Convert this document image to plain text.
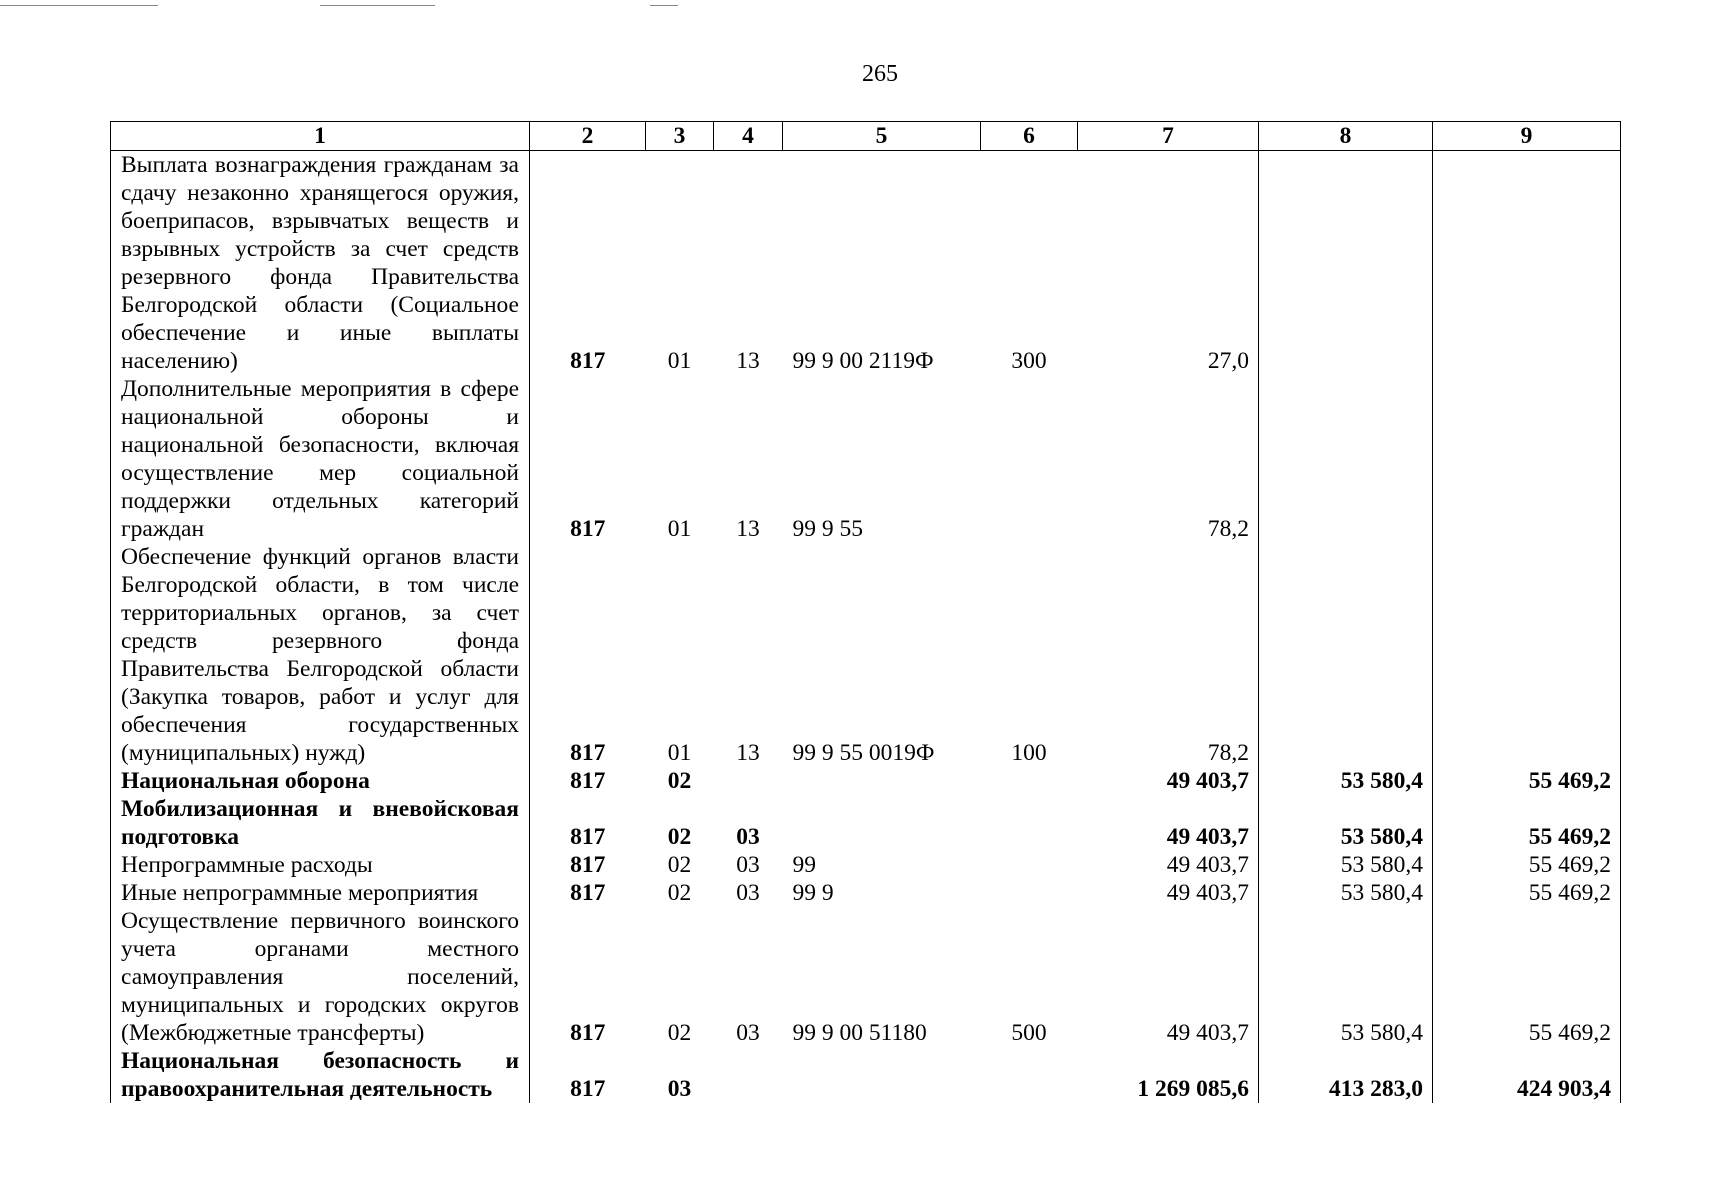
265
1	2	3	4	5	6	7	8	9
Выплата вознаграждения гражданам за сдачу незаконно хранящегося оружия, боеприпасов, взрывчатых веществ и взрывных устройств за счет средств резервного фонда Правительства Белгородской области (Социальное обеспечение и иные выплаты населению)	817	01	13	99 9 00 2119Ф	300	27,0		
Дополнительные мероприятия в сфере национальной обороны и национальной безопасности, включая осуществление мер социальной поддержки отдельных категорий граждан	817	01	13	99 9 55		78,2		
Обеспечение функций органов власти Белгородской области, в том числе территориальных органов, за счет средств резервного фонда Правительства Белгородской области (Закупка товаров, работ и услуг для обеспечения государственных (муниципальных) нужд)	817	01	13	99 9 55 0019Ф	100	78,2		
Национальная оборона	817	02				49 403,7	53 580,4	55 469,2
Мобилизационная и вневойсковая подготовка	817	02	03			49 403,7	53 580,4	55 469,2
Непрограммные расходы	817	02	03	99		49 403,7	53 580,4	55 469,2
Иные непрограммные мероприятия	817	02	03	99 9		49 403,7	53 580,4	55 469,2
Осуществление первичного воинского учета органами местного самоуправления поселений, муниципальных и городских округов (Межбюджетные трансферты)	817	02	03	99 9 00 51180	500	49 403,7	53 580,4	55 469,2
Национальная безопасность и правоохранительная деятельность	817	03				1 269 085,6	413 283,0	424 903,4
